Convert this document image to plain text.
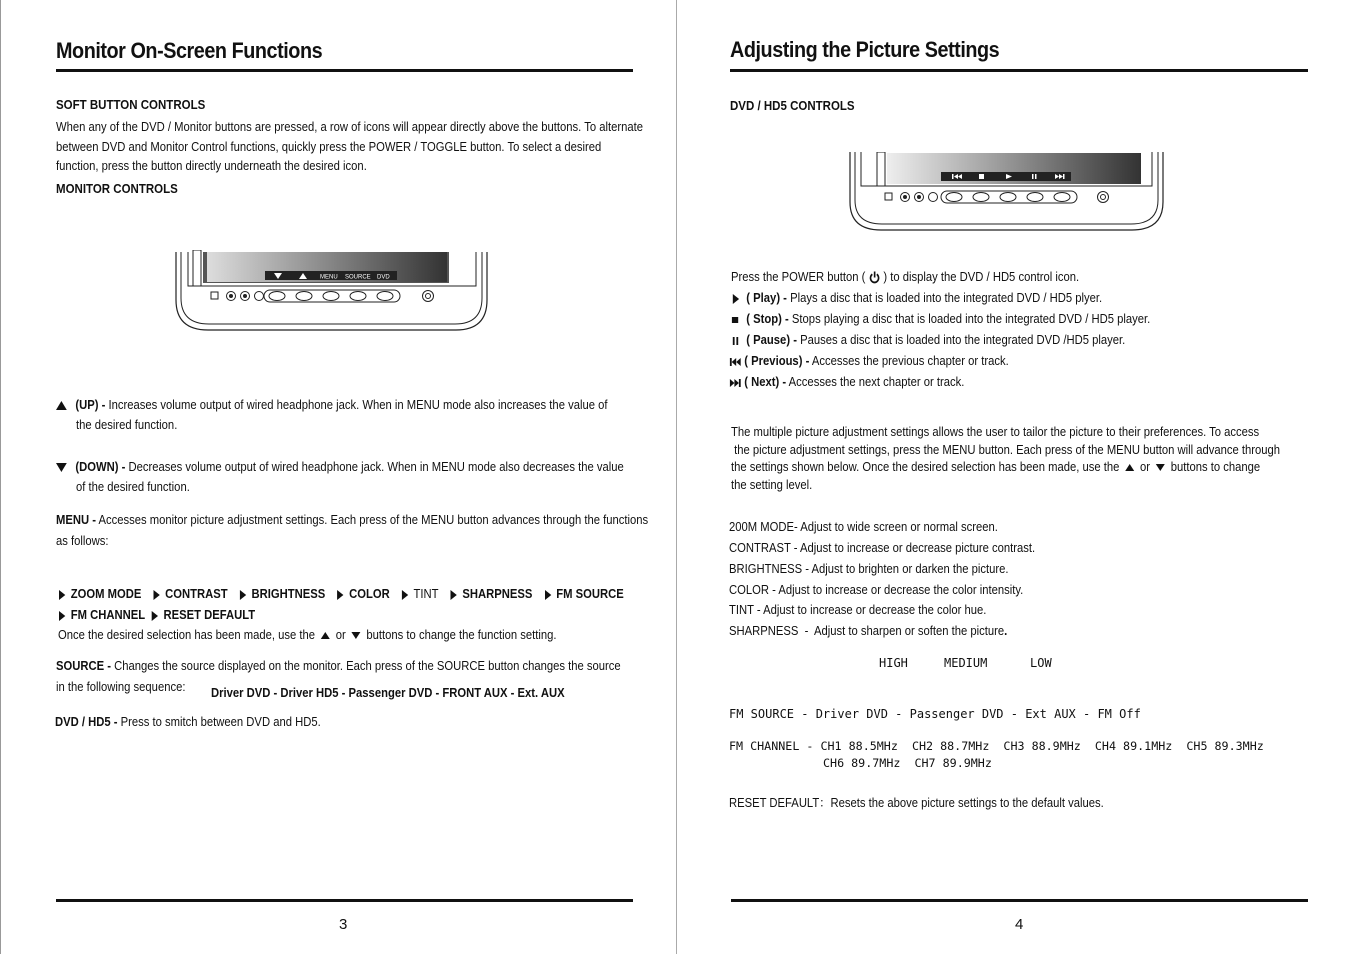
Monitor On-Screen Functions
SOFT BUTTON CONTROLS
When any of the DVD / Monitor buttons are pressed, a row of icons will appear directly above the buttons. To alternate
between DVD and Monitor Control functions, quickly press the POWER / TOGGLE button. To select a desired
function, press the button directly underneath the desired icon.
MONITOR CONTROLS
MENU SOURCE DVD
(UP) - Increases volume output of wired headphone jack. When in MENU mode also increases the value of
the desired function.
(DOWN) - Decreases volume output of wired headphone jack. When in MENU mode also decreases the value
of the desired function.
MENU - Accesses monitor picture adjustment settings. Each press of the MENU button advances through the functions
as follows:
ZOOM MODE CONTRAST BRIGHTNESS COLOR TINT SHARPNESS FM SOURCE
FM CHANNEL RESET DEFAULT
Once the desired selection has been made, use the or buttons to change the function setting.
SOURCE - Changes the source displayed on the monitor. Each press of the SOURCE button changes the source
in the following sequence: Driver DVD - Driver HD5 - Passenger DVD - FRONT AUX - Ext. AUX
DVD / HD5 - Press to smitch between DVD and HD5.
3
Adjusting the Picture Settings
DVD / HD5 CONTROLS
Press the POWER button ( ) to display the DVD / HD5 control icon.
( Play) - Plays a disc that is loaded into the integrated DVD / HD5 plyer.
( Stop) - Stops playing a disc that is loaded into the integrated DVD / HD5 player.
( Pause) - Pauses a disc that is loaded into the integrated DVD /HD5 player.
( Previous) - Accesses the previous chapter or track.
( Next) - Accesses the next chapter or track.
The multiple picture adjustment settings allows the user to tailor the picture to their preferences. To access
the picture adjustment settings, press the MENU button. Each press of the MENU button will advance through
the settings shown below. Once the desired selection has been made, use the or buttons to change
the setting level.
200M MODE- Adjust to wide screen or normal screen.
CONTRAST - Adjust to increase or decrease picture contrast.
BRIGHTNESS - Adjust to brighten or darken the picture.
COLOR - Adjust to increase or decrease the color intensity.
TINT - Adjust to increase or decrease the color hue.
SHARPNESS  -  Adjust to sharpen or soften the picture.
HIGH	MEDIUM	LOW
FM SOURCE - Driver DVD - Passenger DVD - Ext AUX - FM Off
FM CHANNEL - CH1 88.5MHz  CH2 88.7MHz  CH3 88.9MHz  CH4 89.1MHz  CH5 89.3MHz
CH6 89.7MHz  CH7 89.9MHz
RESET DEFAULT：Resets the above picture settings to the default values.
4
